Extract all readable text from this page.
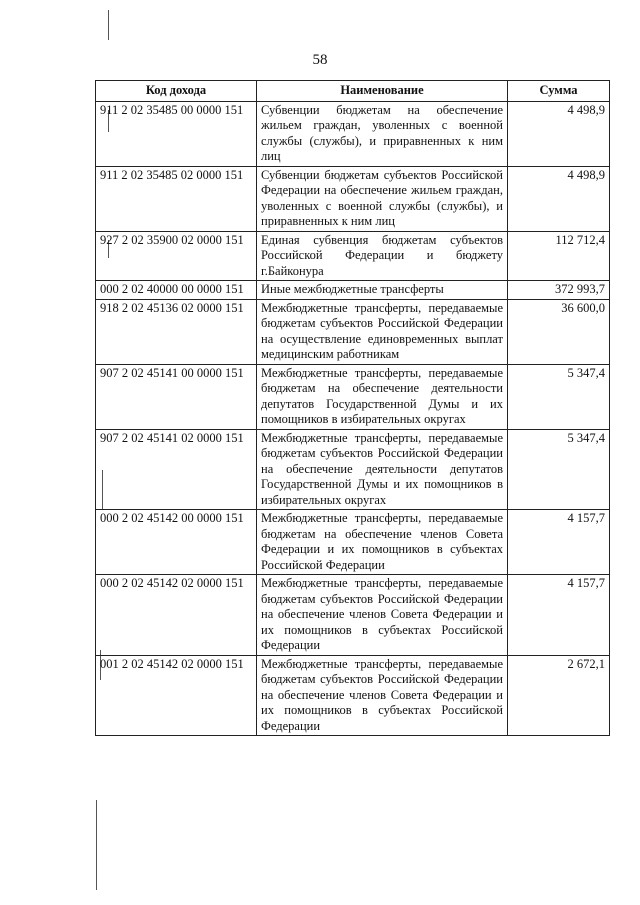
58
Код дохода	Наименование	Сумма
911 2 02 35485 00 0000 151	Субвенции бюджетам на обеспечение жильем граждан, уволенных с военной службы (службы), и приравненных к ним лиц	4 498,9
911 2 02 35485 02 0000 151	Субвенции бюджетам субъектов Российской Федерации на обеспечение жильем граждан, уволенных с военной службы (службы), и приравненных к ним лиц	4 498,9
927 2 02 35900 02 0000 151	Единая субвенция бюджетам субъектов Российской Федерации и бюджету г.Байконура	112 712,4
000 2 02 40000 00 0000 151	Иные межбюджетные трансферты	372 993,7
918 2 02 45136 02 0000 151	Межбюджетные трансферты, передаваемые бюджетам субъектов Российской Федерации на осуществление единовременных выплат медицинским работникам	36 600,0
907 2 02 45141 00 0000 151	Межбюджетные трансферты, передаваемые бюджетам на обеспечение деятельности депутатов Государственной Думы и их помощников в избирательных округах	5 347,4
907 2 02 45141 02 0000 151	Межбюджетные трансферты, передаваемые бюджетам субъектов Российской Федерации на обеспечение деятельности депутатов Государственной Думы и их помощников в избирательных округах	5 347,4
000 2 02 45142 00 0000 151	Межбюджетные трансферты, передаваемые бюджетам на обеспечение членов Совета Федерации и их помощников в субъектах Российской Федерации	4 157,7
000 2 02 45142 02 0000 151	Межбюджетные трансферты, передаваемые бюджетам субъектов Российской Федерации на обеспечение членов Совета Федерации и их помощников в субъектах Российской Федерации	4 157,7
001 2 02 45142 02 0000 151	Межбюджетные трансферты, передаваемые бюджетам субъектов Российской Федерации на обеспечение членов Совета Федерации и их помощников в субъектах Российской Федерации	2 672,1
